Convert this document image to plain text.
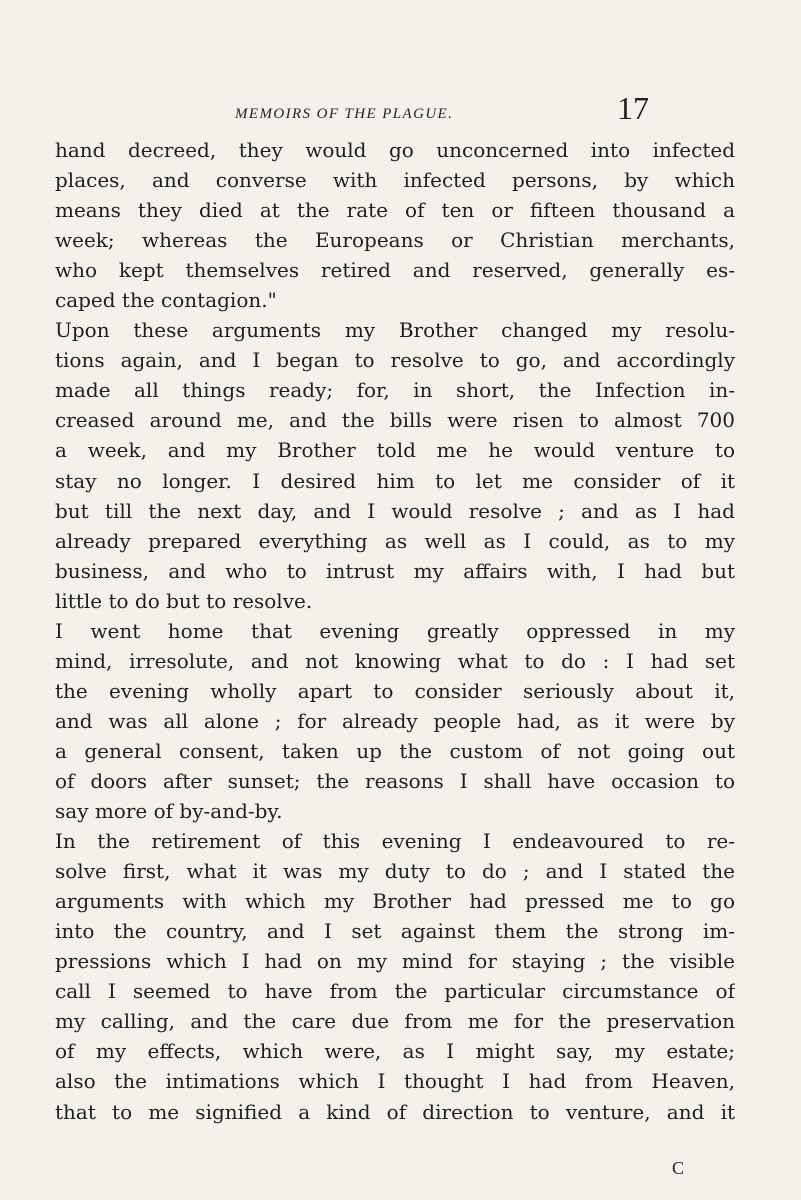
MEMOIRS OF THE PLAGUE.	17
hand decreed, they would go unconcerned into infected
places, and converse with infected persons, by which
means they died at the rate of ten or fifteen thousand a
week; whereas the Europeans or Christian merchants,
who kept themselves retired and reserved, generally es-
caped the contagion."
Upon these arguments my Brother changed my resolu-
tions again, and I began to resolve to go, and accordingly
made all things ready; for, in short, the Infection in-
creased around me, and the bills were risen to almost 700
a week, and my Brother told me he would venture to
stay no longer. I desired him to let me consider of it
but till the next day, and I would resolve ; and as I had
already prepared everything as well as I could, as to my
business, and who to intrust my affairs with, I had but
little to do but to resolve.
I went home that evening greatly oppressed in my
mind, irresolute, and not knowing what to do : I had set
the evening wholly apart to consider seriously about it,
and was all alone ; for already people had, as it were by
a general consent, taken up the custom of not going out
of doors after sunset; the reasons I shall have occasion to
say more of by-and-by.
In the retirement of this evening I endeavoured to re-
solve first, what it was my duty to do ; and I stated the
arguments with which my Brother had pressed me to go
into the country, and I set against them the strong im-
pressions which I had on my mind for staying ; the visible
call I seemed to have from the particular circumstance of
my calling, and the care due from me for the preservation
of my effects, which were, as I might say, my estate;
also the intimations which I thought I had from Heaven,
that to me signified a kind of direction to venture, and it
C
